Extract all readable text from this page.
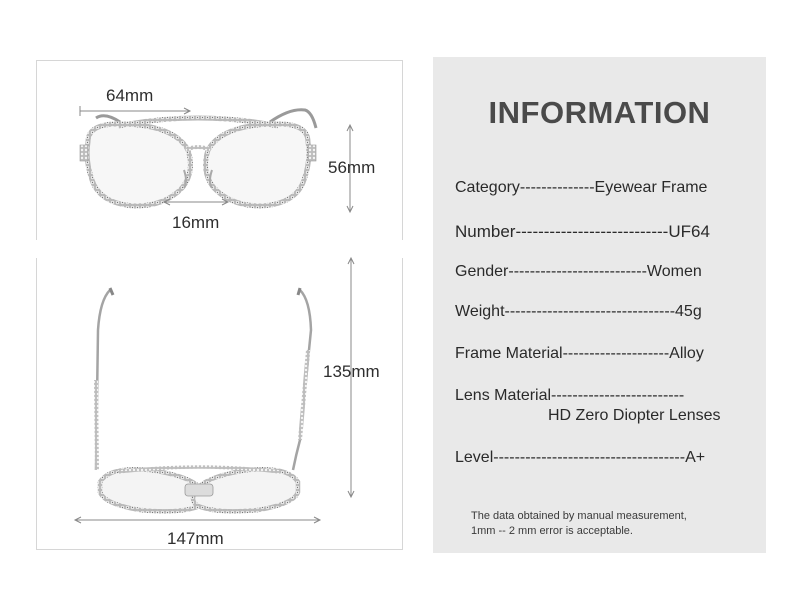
64mm
56mm
16mm
135mm
147mm
INFORMATION
Category--------------Eyewear Frame
Number---------------------------UF64
Gender--------------------------Women
Weight--------------------------------45g
Frame Material--------------------Alloy
Lens Material-------------------------
HD Zero Diopter Lenses
Level------------------------------------A+
The data obtained by manual measurement,
1mm -- 2 mm error is acceptable.
